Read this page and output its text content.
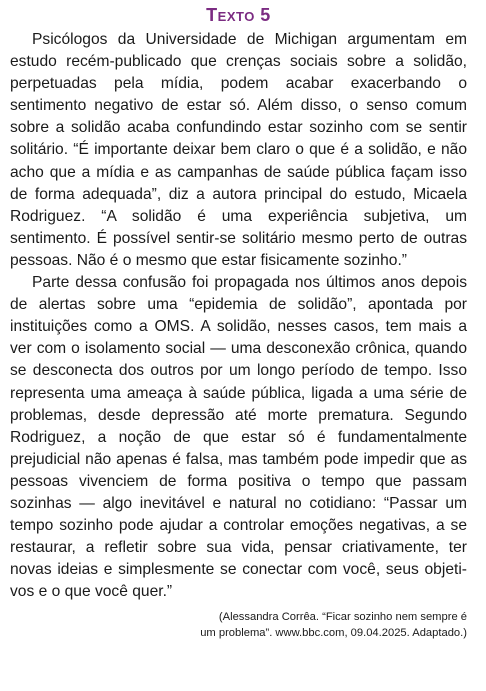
Texto 5

Psicólogos da Universidade de Michigan argumentam em estudo recém-publicado que crenças sociais sobre a solidão, perpetuadas pela mídia, podem acabar exacerbando o sentimento negativo de estar só. Além disso, o senso comum sobre a solidão acaba confundindo estar sozinho com se sentir solitário. “É importante deixar bem claro o que é a solidão, e não acho que a mídia e as campanhas de saúde pública façam isso de forma adequada”, diz a autora principal do estudo, Micaela Rodriguez. “A solidão é uma experiência subjetiva, um sentimento. É possível sentir-se solitário mesmo perto de outras pessoas. Não é o mesmo que estar fisicamente sozinho.”

Parte dessa confusão foi propagada nos últimos anos depois de alertas sobre uma “epidemia de solidão”, apontada por instituições como a OMS. A solidão, nesses casos, tem mais a ver com o isolamento social — uma desconexão crônica, quando se desconecta dos outros por um longo período de tempo. Isso representa uma ameaça à saúde pública, ligada a uma série de problemas, desde depressão até morte prematura. Segundo Rodriguez, a noção de que estar só é fundamentalmente prejudicial não apenas é falsa, mas também pode impedir que as pessoas vivenciem de forma positiva o tempo que passam sozinhas — algo inevitável e natural no cotidiano: “Passar um tempo sozinho pode ajudar a controlar emoções negativas, a se restaurar, a refletir sobre sua vida, pensar criativamente, ter novas ideias e simplesmente se conectar com você, seus objetivos e o que você quer.”

(Alessandra Corrêa. “Ficar sozinho nem sempre é
um problema”. www.bbc.com, 09.04.2025. Adaptado.)
